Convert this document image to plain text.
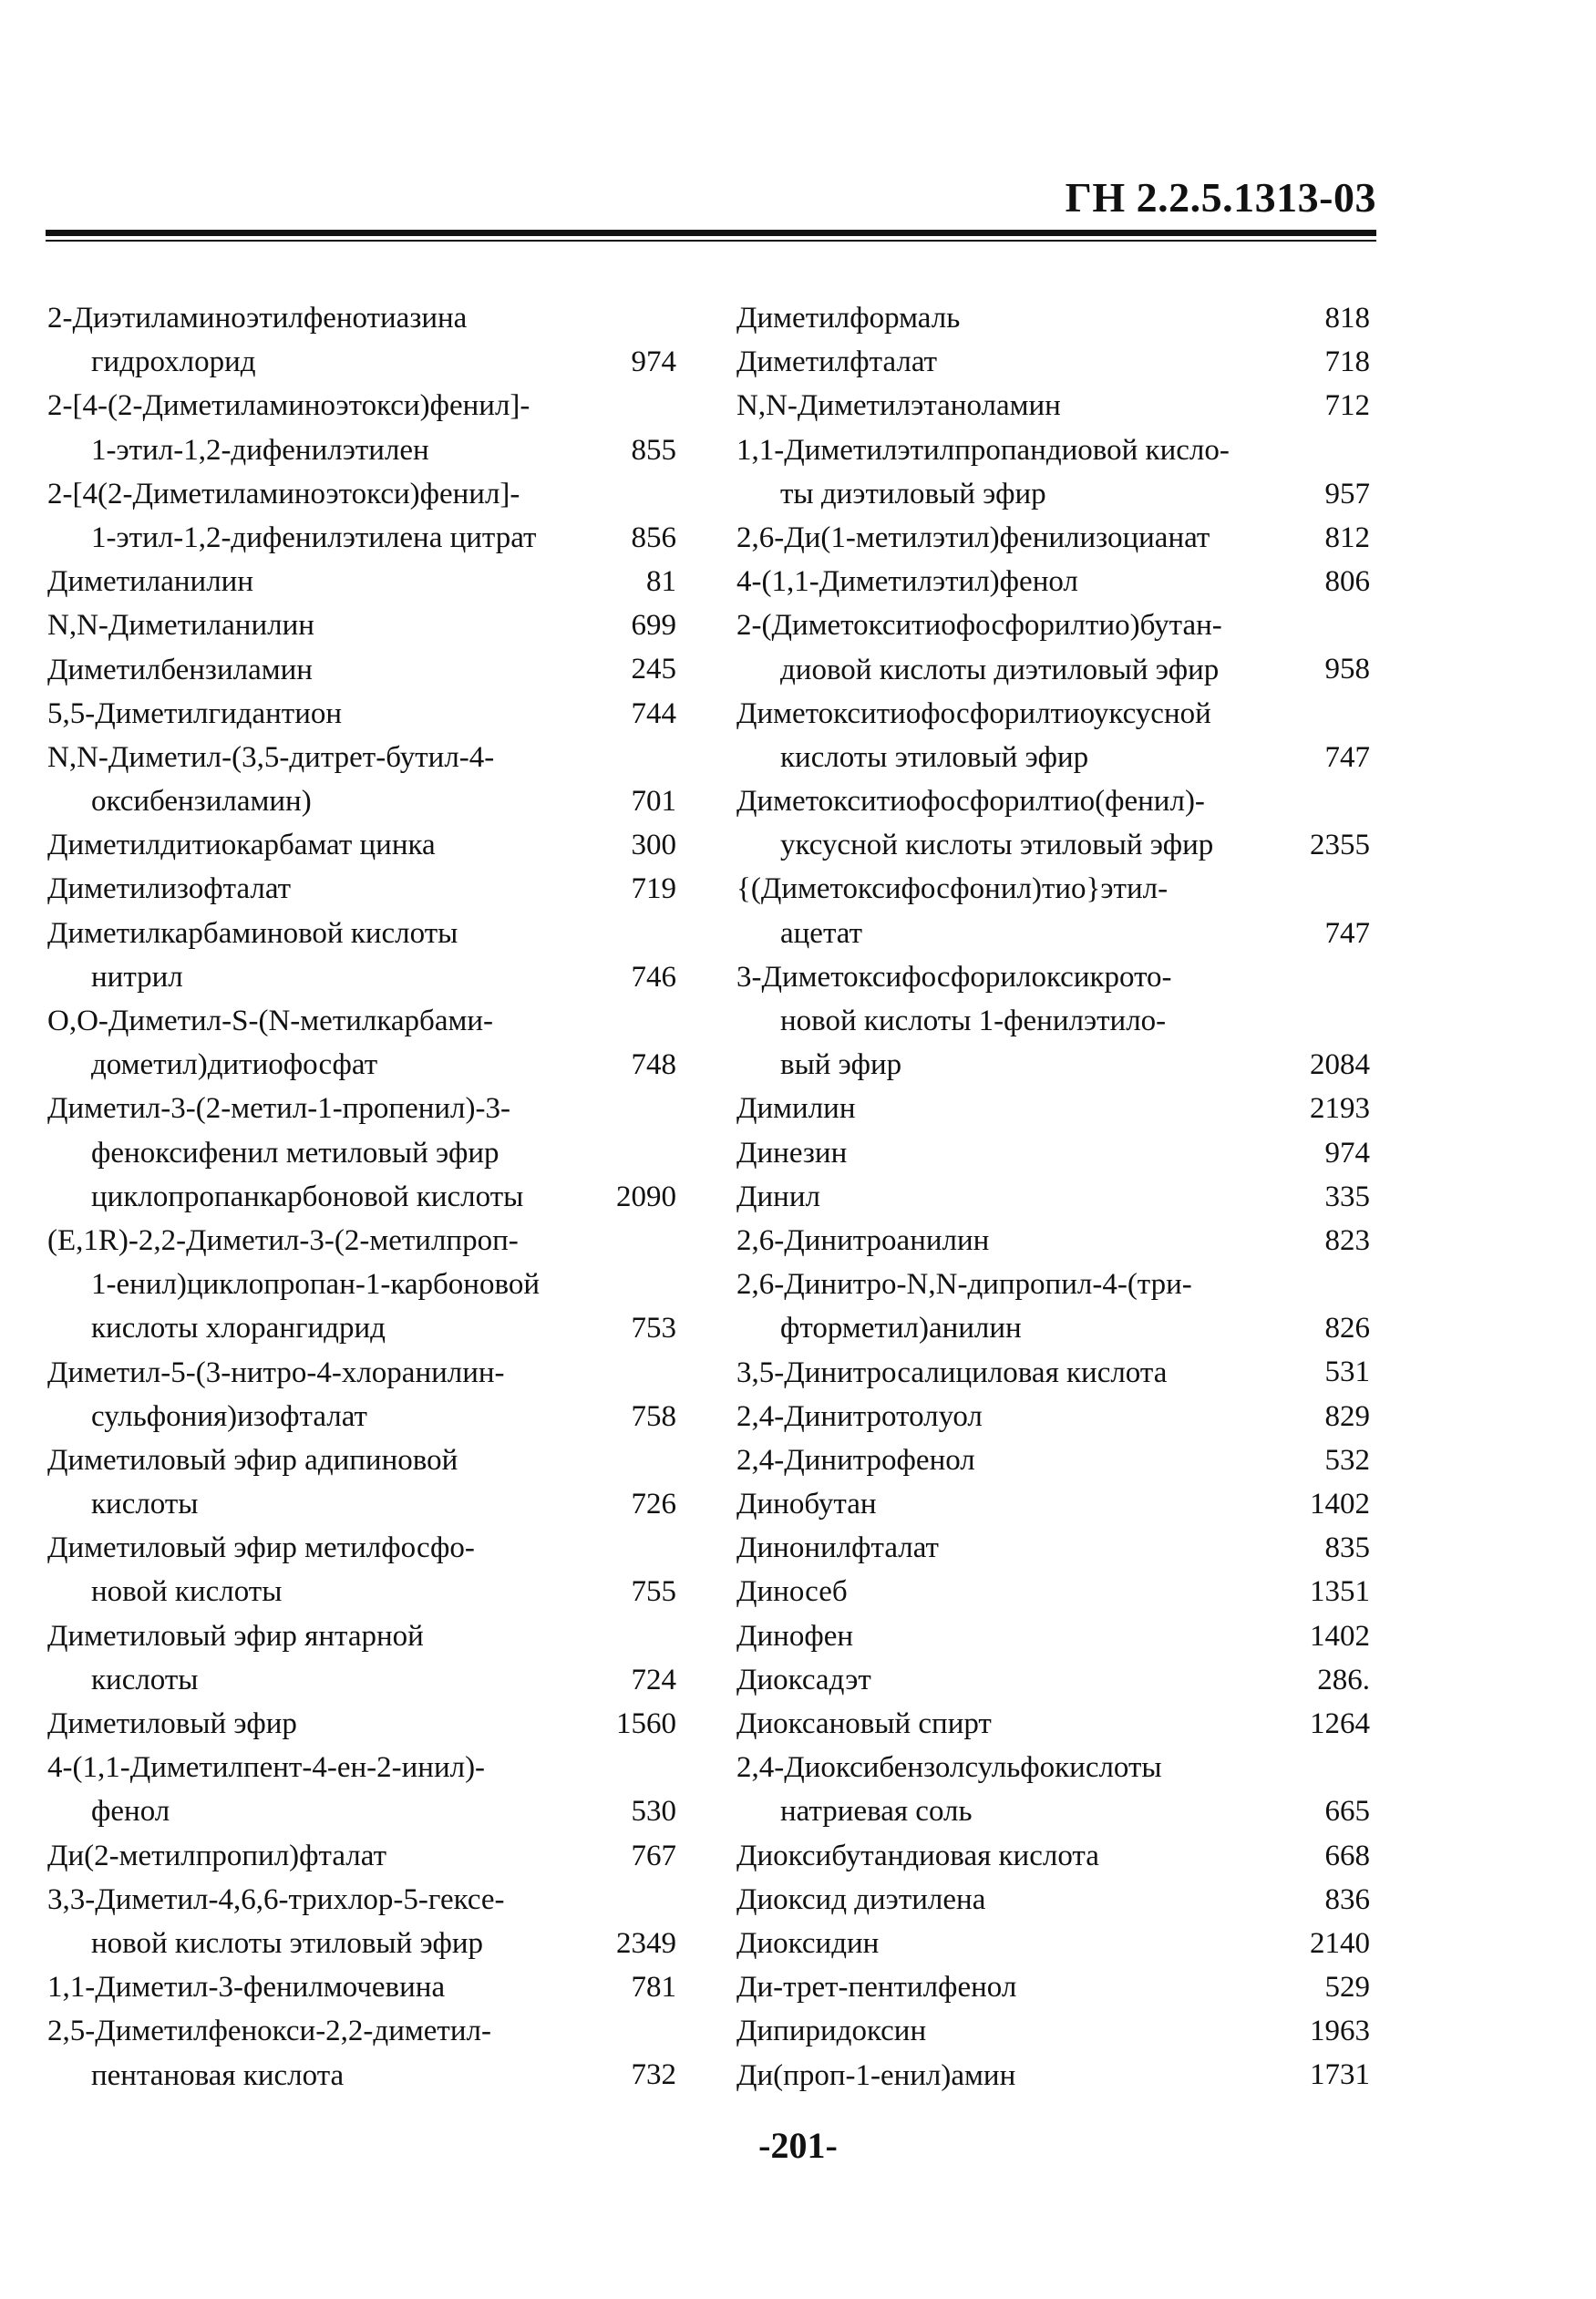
ГН 2.2.5.1313-03
2-Диэтиламиноэтилфенотиазина
гидрохлорид	974
2-[4-(2-Диметиламиноэтокси)фенил]-
1-этил-1,2-дифенилэтилен	855
2-[4(2-Диметиламиноэтокси)фенил]-
1-этил-1,2-дифенилэтилена цитрат	856
Диметиланилин	81
N,N-Диметиланилин	699
Диметилбензиламин	245
5,5-Диметилгидантион	744
N,N-Диметил-(3,5-дитрет-бутил-4-
оксибензиламин)	701
Диметилдитиокарбамат цинка	300
Диметилизофталат	719
Диметилкарбаминовой кислоты
нитрил	746
O,O-Диметил-S-(N-метилкарбами-
дометил)дитиофосфат	748
Диметил-3-(2-метил-1-пропенил)-3-
феноксифенил метиловый эфир
циклопропанкарбоновой кислоты	2090
(E,1R)-2,2-Диметил-3-(2-метилпроп-
1-енил)циклопропан-1-карбоновой
кислоты хлорангидрид	753
Диметил-5-(3-нитро-4-хлоранилин-
сульфония)изофталат	758
Диметиловый эфир адипиновой
кислоты	726
Диметиловый эфир метилфосфо-
новой кислоты	755
Диметиловый эфир янтарной
кислоты	724
Диметиловый эфир	1560
4-(1,1-Диметилпент-4-ен-2-инил)-
фенол	530
Ди(2-метилпропил)фталат	767
3,3-Диметил-4,6,6-трихлор-5-гексе-
новой кислоты этиловый эфир	2349
1,1-Диметил-3-фенилмочевина	781
2,5-Диметилфенокси-2,2-диметил-
пентановая кислота	732
Диметилформаль	818
Диметилфталат	718
N,N-Диметилэтаноламин	712
1,1-Диметилэтилпропандиовой кисло-
ты диэтиловый эфир	957
2,6-Ди(1-метилэтил)фенилизоцианат	812
4-(1,1-Диметилэтил)фенол	806
2-(Диметокситиофосфорилтио)бутан-
диовой кислоты диэтиловый эфир	958
Диметокситиофосфорилтиоуксусной
кислоты этиловый эфир	747
Диметокситиофосфорилтио(фенил)-
уксусной кислоты этиловый эфир	2355
{(Диметоксифосфонил)тио}этил-
ацетат	747
3-Диметоксифосфорилоксикрото-
новой кислоты 1-фенилэтило-
вый эфир	2084
Димилин	2193
Динезин	974
Динил	335
2,6-Динитроанилин	823
2,6-Динитро-N,N-дипропил-4-(три-
фторметил)анилин	826
3,5-Динитросалициловая кислота	531
2,4-Динитротолуол	829
2,4-Динитрофенол	532
Динобутан	1402
Динонилфталат	835
Диносеб	1351
Динофен	1402
Диоксадэт	286.
Диоксановый спирт	1264
2,4-Диоксибензолсульфокислоты
натриевая соль	665
Диоксибутандиовая кислота	668
Диоксид диэтилена	836
Диоксидин	2140
Ди-трет-пентилфенол	529
Дипиридоксин	1963
Ди(проп-1-енил)амин	1731
-201-
